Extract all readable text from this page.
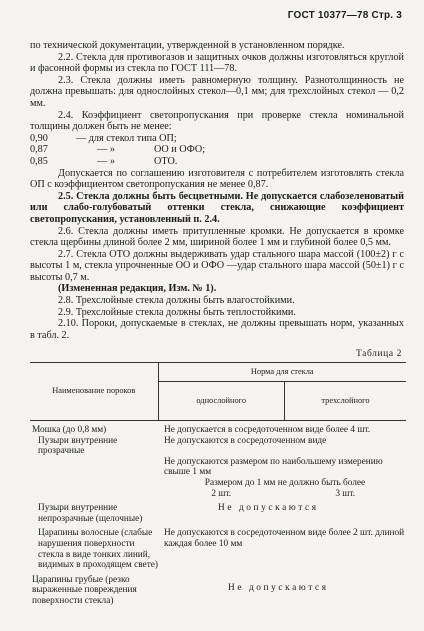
ГОСТ 10377—78 Стр. 3

по технической документации, утвержденной в установленном порядке.

2.2. Стекла для противогазов и защитных очков должны изготовляться круглой и фасонной формы из стекла по ГОСТ 111—78.

2.3. Стекла должны иметь равномерную толщину. Разнотолщинность не должна превышать: для однослойных стекол—0,1 мм; для трехслойных стекол — 0,2 мм.

2.4. Коэффициент светопропускания при проверке стекла номинальной толщины должен быть не менее:

0,90	— для стекол типа ОП;
0,87	— »	ОО и ОФО;
0,85	— »	ОТО.

Допускается по соглашению изготовителя с потребителем изготовлять стекла ОП с коэффициентом светопропускания не менее 0,87.

2.5. Стекла должны быть бесцветными. Не допускается слабозеленоватый или слабо-голубоватый оттенки стекла, снижающие коэффициент светопропускания, установленный п. 2.4.

2.6. Стекла должны иметь притупленные кромки. Не допускается в кромке стекла щербины длиной более 2 мм, шириной более 1 мм и глубиной более 0,5 мм.

2.7. Стекла ОТО должны выдерживать удар стального шара массой (100±2) г с высоты 1 м, стекла упрочненные ОО и ОФО —удар стального шара массой (50±1) г с высоты 0,7 м.

(Измененная редакция, Изм. № 1).

2.8. Трехслойные стекла должны быть влагостойкими.

2.9. Трехслойные стекла должны быть теплостойкими.

2.10. Пороки, допускаемые в стеклах, не должны превышать норм, указанных в табл. 2.

Таблица 2
Наименование пороков	Норма для стекла	
	однослойного	трехслойного
Мошка (до 0,8 мм)	Не допускается в сосредоточенном виде более 4 шт.	
Пузыри внутренние прозрачные	Не допускаются в сосредоточенном виде	
	Не допускаются размером по наибольшему измерению свыше 1 мм	
	Размером до 1 мм не должно быть более	
	2 шт.	3 шт.
Пузыри внутренние непрозрачные (щелочные)	Не допускаются	
Царапины волосные (слабые нарушения поверхности стекла в виде тонких линий, видимых в проходящем свете)	Не допускаются в сосредоточенном виде более 2 шт. длиной каждая более 10 мм	
Царапины грубые (резко выраженные повреждения поверхности стекла)	Не допускаются	
